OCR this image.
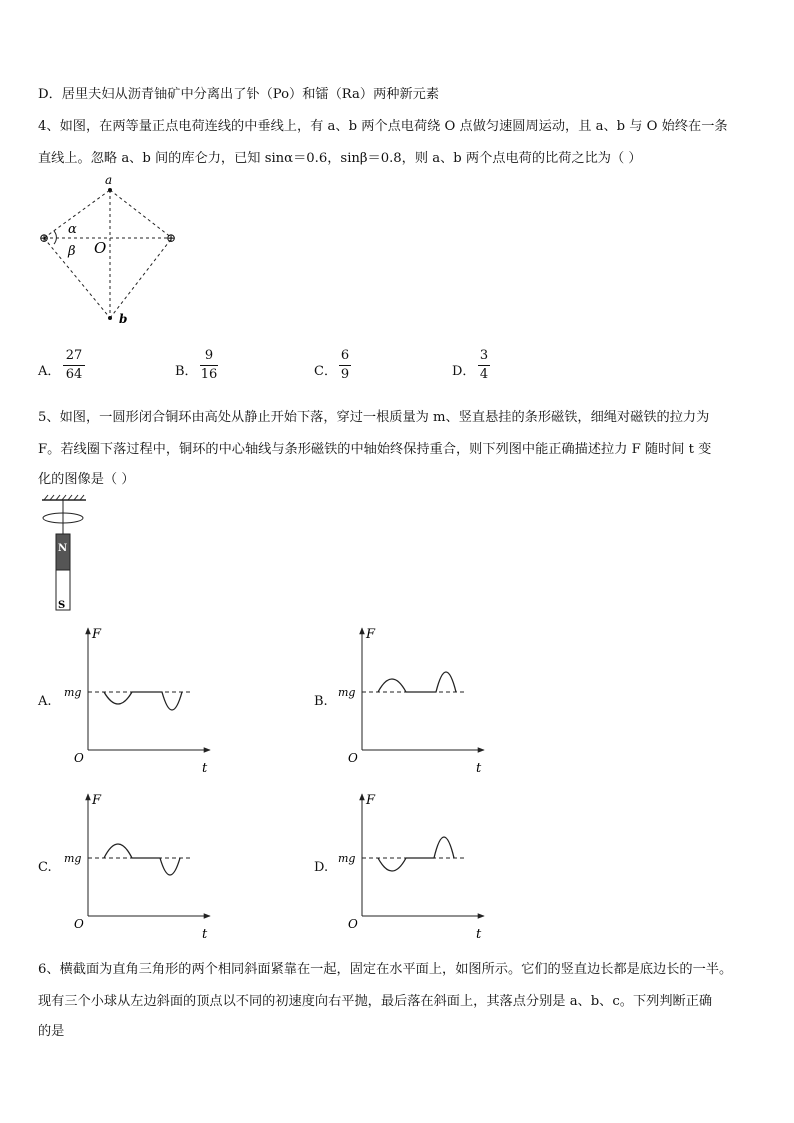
D．居里夫妇从沥青铀矿中分离出了钋（Po）和镭（Ra）两种新元素
4、如图，在两等量正点电荷连线的中垂线上，有 a、b 两个点电荷绕 O 点做匀速圆周运动，且 a、b 与 O 始终在一条
直线上。忽略 a、b 间的库仑力，已知 sinα＝0.6，sinβ＝0.8，则 a、b 两个点电荷的比荷之比为（ ）
⊕	⊕
a
b
O
α
β
A．
27
64	B．
9
16	C．
6
9	D．
3
4
5、如图，一圆形闭合铜环由高处从静止开始下落，穿过一根质量为 m、竖直悬挂的条形磁铁，细绳对磁铁的拉力为
F。若线圈下落过程中，铜环的中心轴线与条形磁铁的中轴始终保持重合，则下列图中能正确描述拉力 F 随时间 t 变
化的图像是（ ）
N
S
A.
F
mg
O
t
B.
F
mg
O
t
C.
F
mg
O
t
D.
F
mg
O
t
6、横截面为直角三角形的两个相同斜面紧靠在一起，固定在水平面上，如图所示。它们的竖直边长都是底边长的一半。
现有三个小球从左边斜面的顶点以不同的初速度向右平抛，最后落在斜面上，其落点分别是 a、b、c。下列判断正确
的是
